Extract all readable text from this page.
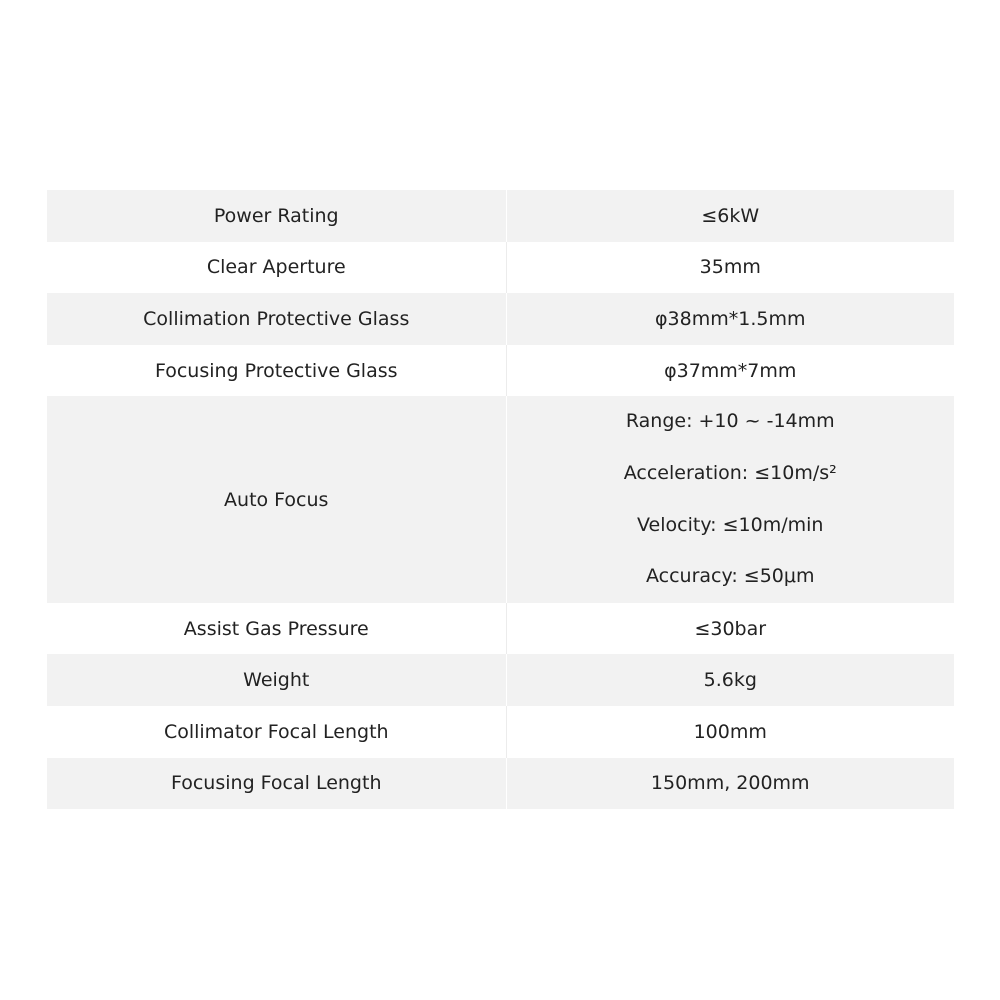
Power Rating	≤6kW
Clear Aperture	35mm
Collimation Protective Glass	φ38mm*1.5mm
Focusing Protective Glass	φ37mm*7mm
Auto Focus	Range: +10 ~ -14mm
Acceleration: ≤10m/s²
Velocity: ≤10m/min
Accuracy: ≤50μm

Assist Gas Pressure	≤30bar
Weight	5.6kg
Collimator Focal Length	100mm
Focusing Focal Length	150mm, 200mm
